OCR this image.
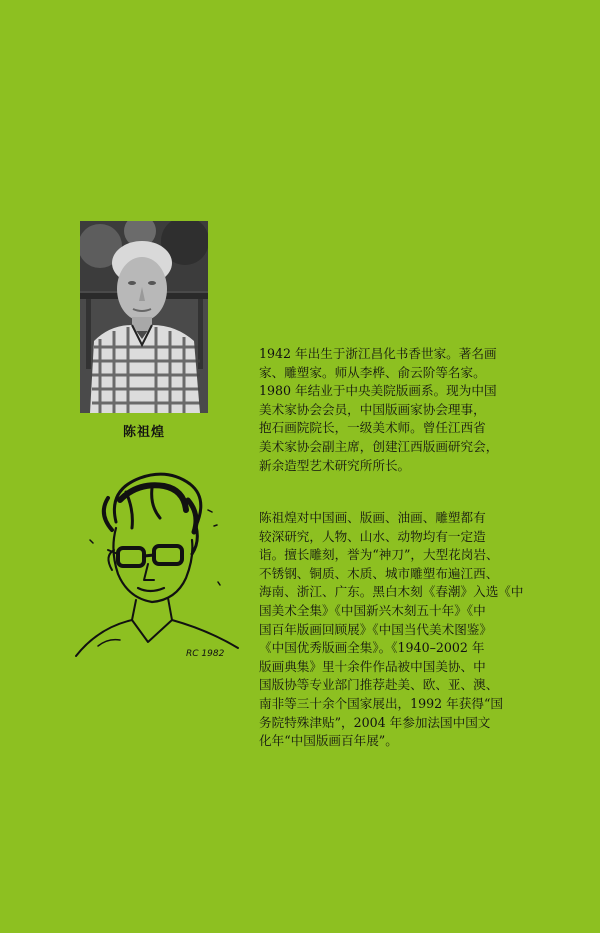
陈祖煌
RC 1982

1942 年出生于浙江昌化书香世家。著名画
家、雕塑家。师从李桦、俞云阶等名家。
1980 年结业于中央美院版画系。现为中国
美术家协会会员，中国版画家协会理事，
抱石画院院长，一级美术师。曾任江西省
美术家协会副主席，创建江西版画研究会，
新余造型艺术研究所所长。

陈祖煌对中国画、版画、油画、雕塑都有
较深研究，人物、山水、动物均有一定造
诣。擅长雕刻，誉为“神刀”，大型花岗岩、
不锈钢、铜质、木质、城市雕塑布遍江西、
海南、浙江、广东。黑白木刻《春潮》入选《中
国美术全集》《中国新兴木刻五十年》《中
国百年版画回顾展》《中国当代美术图鉴》
《中国优秀版画全集》。《1940–2002 年
版画典集》里十余件作品被中国美协、中
国版协等专业部门推荐赴美、欧、亚、澳、
南非等三十余个国家展出，1992 年获得“国
务院特殊津贴”，2004 年参加法国中国文
化年“中国版画百年展”。
